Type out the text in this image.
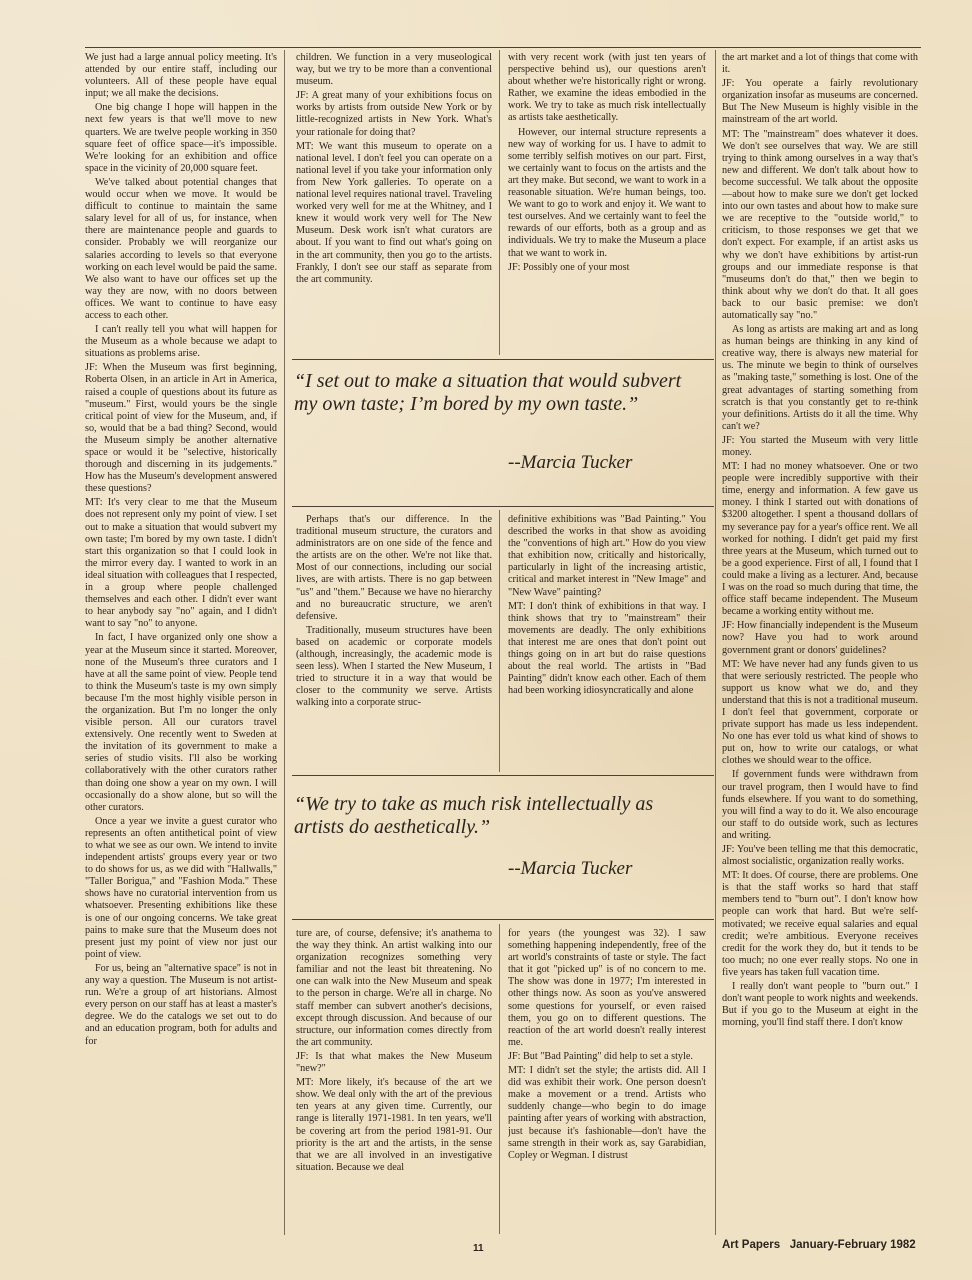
We just had a large annual policy meeting. It's attended by our entire staff, including our volunteers. All of these people have equal input; we all make the decisions.

One big change I hope will happen in the next few years is that we'll move to new quarters. We are twelve people working in 350 square feet of office space—it's impossible. We're looking for an exhibition and office space in the vicinity of 20,000 square feet.

We've talked about potential changes that would occur when we move. It would be difficult to continue to maintain the same salary level for all of us, for instance, when there are maintenance people and guards to consider. Probably we will reorganize our salaries according to levels so that everyone working on each level would be paid the same. We also want to have our offices set up the way they are now, with no doors between offices. We want to continue to have easy access to each other.

I can't really tell you what will happen for the Museum as a whole because we adapt to situations as problems arise.

JF: When the Museum was first beginning, Roberta Olsen, in an article in Art in America, raised a couple of questions about its future as "museum." First, would yours be the single critical point of view for the Museum, and, if so, would that be a bad thing? Second, would the Museum simply be another alternative space or would it be "selective, historically thorough and discerning in its judgements." How has the Museum's development answered these questions?

MT: It's very clear to me that the Museum does not represent only my point of view. I set out to make a situation that would subvert my own taste; I'm bored by my own taste. I didn't start this organization so that I could look in the mirror every day. I wanted to work in an ideal situation with colleagues that I respected, in a group where people challenged themselves and each other. I didn't ever want to hear anybody say "no" again, and I didn't want to say "no" to anyone.

In fact, I have organized only one show a year at the Museum since it started. Moreover, none of the Museum's three curators and I have at all the same point of view. People tend to think the Museum's taste is my own simply because I'm the most highly visible person in the organization. But I'm no longer the only visible person. All our curators travel extensively. One recently went to Sweden at the invitation of its government to make a series of studio visits. I'll also be working collaboratively with the other curators rather than doing one show a year on my own. I will occasionally do a show alone, but so will the other curators.

Once a year we invite a guest curator who represents an often antithetical point of view to what we see as our own. We intend to invite independent artists' groups every year or two to do shows for us, as we did with "Hallwalls," "Taller Borigua," and "Fashion Moda." These shows have no curatorial intervention from us whatsoever. Presenting exhibitions like these is one of our ongoing concerns. We take great pains to make sure that the Museum does not present just my point of view nor just our point of view.

For us, being an "alternative space" is not in any way a question. The Museum is not artist-run. We're a group of art historians. Almost every person on our staff has at least a master's degree. We do the catalogs we set out to do and an education program, both for adults and for

children. We function in a very museological way, but we try to be more than a conventional museum.

JF: A great many of your exhibitions focus on works by artists from outside New York or by little-recognized artists in New York. What's your rationale for doing that?

MT: We want this museum to operate on a national level. I don't feel you can operate on a national level if you take your information only from New York galleries. To operate on a national level requires national travel. Traveling worked very well for me at the Whitney, and I knew it would work very well for The New Museum. Desk work isn't what curators are about. If you want to find out what's going on in the art community, then you go to the artists. Frankly, I don't see our staff as separate from the art community.

with very recent work (with just ten years of perspective behind us), our questions aren't about whether we're historically right or wrong. Rather, we examine the ideas embodied in the work. We try to take as much risk intellectually as artists take aesthetically.

However, our internal structure represents a new way of working for us. I have to admit to some terribly selfish motives on our part. First, we certainly want to focus on the artists and the art they make. But second, we want to work in a reasonable situation. We're human beings, too. We want to go to work and enjoy it. We want to test ourselves. And we certainly want to feel the rewards of our efforts, both as a group and as individuals. We try to make the Museum a place that we want to work in.

JF: Possibly one of your most

“I set out to make a situation that would subvert my own taste; I’m bored by my own taste.”
--Marcia Tucker

Perhaps that's our difference. In the traditional museum structure, the curators and administrators are on one side of the fence and the artists are on the other. We're not like that. Most of our connections, including our social lives, are with artists. There is no gap between "us" and "them." Because we have no hierarchy and no bureaucratic structure, we aren't defensive.

Traditionally, museum structures have been based on academic or corporate models (although, increasingly, the academic mode is seen less). When I started the New Museum, I tried to structure it in a way that would be closer to the community we serve. Artists walking into a corporate struc-

definitive exhibitions was "Bad Painting." You described the works in that show as avoiding the "conventions of high art." How do you view that exhibition now, critically and historically, particularly in light of the increasing artistic, critical and market interest in "New Image" and "New Wave" painting?

MT: I don't think of exhibitions in that way. I think shows that try to "mainstream" their movements are deadly. The only exhibitions that interest me are ones that don't point out things going on in art but do raise questions about the real world. The artists in "Bad Painting" didn't know each other. Each of them had been working idiosyncratically and alone

“We try to take as much risk intellectually as artists do aesthetically.”
--Marcia Tucker

ture are, of course, defensive; it's anathema to the way they think. An artist walking into our organization recognizes something very familiar and not the least bit threatening. No one can walk into the New Museum and speak to the person in charge. We're all in charge. No staff member can subvert another's decisions, except through discussion. And because of our structure, our information comes directly from the art community.

JF: Is that what makes the New Museum "new?"

MT: More likely, it's because of the art we show. We deal only with the art of the previous ten years at any given time. Currently, our range is literally 1971-1981. In ten years, we'll be covering art from the period 1981-91. Our priority is the art and the artists, in the sense that we are all involved in an investigative situation. Because we deal

for years (the youngest was 32). I saw something happening independently, free of the art world's constraints of taste or style. The fact that it got "picked up" is of no concern to me. The show was done in 1977; I'm interested in other things now. As soon as you've answered some questions for yourself, or even raised them, you go on to different questions. The reaction of the art world doesn't really interest me.

JF: But "Bad Painting" did help to set a style.

MT: I didn't set the style; the artists did. All I did was exhibit their work. One person doesn't make a movement or a trend. Artists who suddenly change—who begin to do image painting after years of working with abstraction, just because it's fashionable—don't have the same strength in their work as, say Garabidian, Copley or Wegman. I distrust

the art market and a lot of things that come with it.

JF: You operate a fairly revolutionary organization insofar as museums are concerned. But The New Museum is highly visible in the mainstream of the art world.

MT: The "mainstream" does whatever it does. We don't see ourselves that way. We are still trying to think among ourselves in a way that's new and different. We don't talk about how to become successful. We talk about the opposite—about how to make sure we don't get locked into our own tastes and about how to make sure we are receptive to the "outside world," to criticism, to those responses we get that we don't expect. For example, if an artist asks us why we don't have exhibitions by artist-run groups and our immediate response is that "museums don't do that," then we begin to think about why we don't do that. It all goes back to our basic premise: we don't automatically say "no."

As long as artists are making art and as long as human beings are thinking in any kind of creative way, there is always new material for us. The minute we begin to think of ourselves as "making taste," something is lost. One of the great advantages of starting something from scratch is that you constantly get to re-think your definitions. Artists do it all the time. Why can't we?

JF: You started the Museum with very little money.

MT: I had no money whatsoever. One or two people were incredibly supportive with their time, energy and information. A few gave us money. I think I started out with donations of $3200 altogether. I spent a thousand dollars of my severance pay for a year's office rent. We all worked for nothing. I didn't get paid my first three years at the Museum, which turned out to be a good experience. First of all, I found that I could make a living as a lecturer. And, because I was on the road so much during that time, the office staff became independent. The Museum became a working entity without me.

JF: How financially independent is the Museum now? Have you had to work around government grant or donors' guidelines?

MT: We have never had any funds given to us that were seriously restricted. The people who support us know what we do, and they understand that this is not a traditional museum. I don't feel that government, corporate or private support has made us less independent. No one has ever told us what kind of shows to put on, how to write our catalogs, or what clothes we should wear to the office.

If government funds were withdrawn from our travel program, then I would have to find funds elsewhere. If you want to do something, you will find a way to do it. We also encourage our staff to do outside work, such as lectures and writing.

JF: You've been telling me that this democratic, almost socialistic, organization really works.

MT: It does. Of course, there are problems. One is that the staff works so hard that staff members tend to "burn out". I don't know how people can work that hard. But we're self-motivated; we receive equal salaries and equal credit; we're ambitious. Everyone receives credit for the work they do, but it tends to be too much; no one ever really stops. No one in five years has taken full vacation time.

I really don't want people to "burn out." I don't want people to work nights and weekends. But if you go to the Museum at eight in the morning, you'll find staff there. I don't know

11	Art Papers   January-February 1982
